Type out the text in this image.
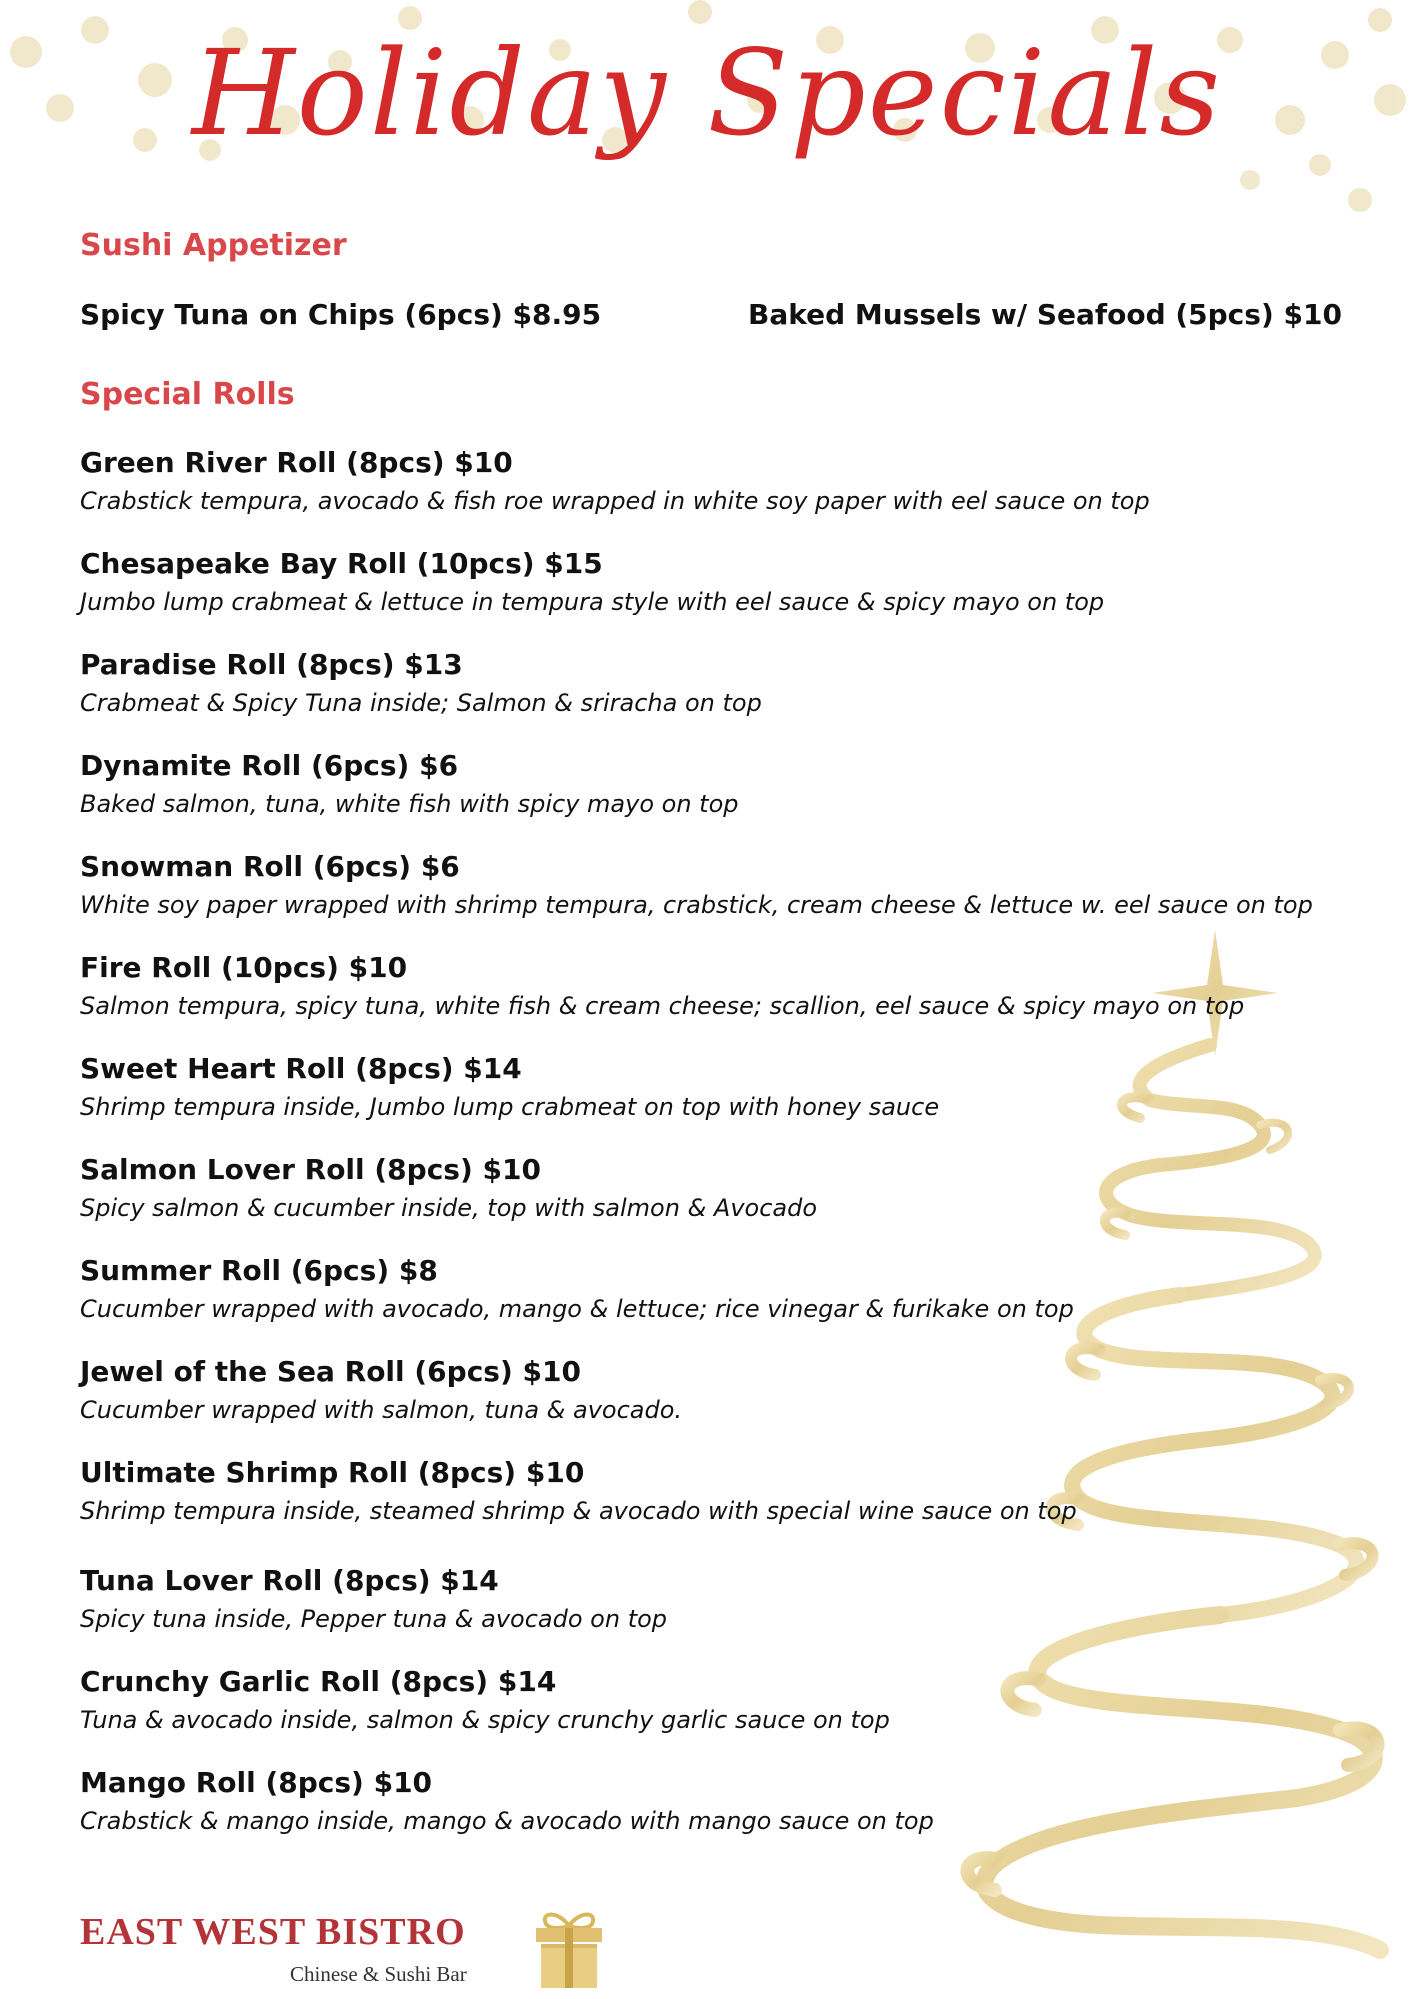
Holiday Specials
Sushi Appetizer
Spicy Tuna on Chips (6pcs) $8.95	Baked Mussels w/ Seafood (5pcs) $10
Special Rolls
Green River Roll (8pcs) $10
Crabstick tempura, avocado & fish roe wrapped in white soy paper with eel sauce on top
Chesapeake Bay Roll (10pcs) $15
Jumbo lump crabmeat & lettuce in tempura style with eel sauce & spicy mayo on top
Paradise Roll (8pcs) $13
Crabmeat & Spicy Tuna inside; Salmon & sriracha on top
Dynamite Roll (6pcs) $6
Baked salmon, tuna, white fish with spicy mayo on top
Snowman Roll (6pcs) $6
White soy paper wrapped with shrimp tempura, crabstick, cream cheese & lettuce w. eel sauce on top
Fire Roll (10pcs) $10
Salmon tempura, spicy tuna, white fish & cream cheese; scallion, eel sauce & spicy mayo on top
Sweet Heart Roll (8pcs) $14
Shrimp tempura inside, Jumbo lump crabmeat on top with honey sauce
Salmon Lover Roll (8pcs) $10
Spicy salmon & cucumber inside, top with salmon & Avocado
Summer Roll (6pcs) $8
Cucumber wrapped with avocado, mango & lettuce; rice vinegar & furikake on top
Jewel of the Sea Roll (6pcs) $10
Cucumber wrapped with salmon, tuna & avocado.
Ultimate Shrimp Roll (8pcs) $10
Shrimp tempura inside, steamed shrimp & avocado with special wine sauce on top
Tuna Lover Roll (8pcs) $14
Spicy tuna inside, Pepper tuna & avocado on top
Crunchy Garlic Roll (8pcs) $14
Tuna & avocado inside, salmon & spicy crunchy garlic sauce on top
Mango Roll (8pcs) $10
Crabstick & mango inside, mango & avocado with mango sauce on top
EAST WEST BISTRO
Chinese & Sushi Bar
